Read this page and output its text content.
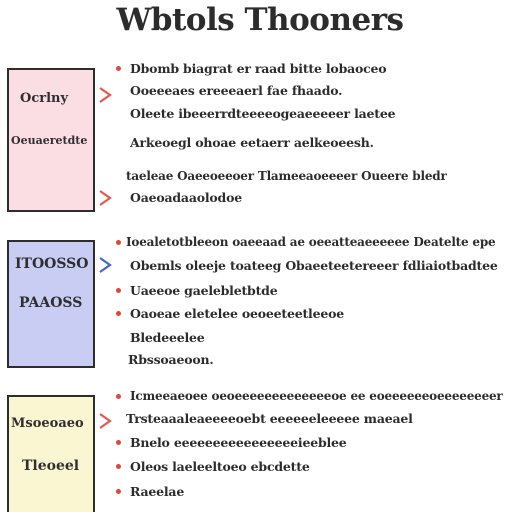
Wbtols Thooners
Ocrlny
Oeuaeretdte
Dbomb biagrat er raad bitte lobaoceo
Ooeeeaes ereeeaerl fae fhaado.
Oleete ibeeerrdteeeeogeaeeeeer laetee
Arkeoegl ohoae eetaerr aelkeoeesh.
taeleae Oaeeoeeoer Tlameeaoeeeer Oueere bledr
Oaeoadaaolodoe
ITOOSSO
PAAOSS
Ioealetotbleeon oaeeaad ae oeeatteaeeeeee Deatelte epe
Obemls oleeje toateeg Obaeeteetereeer fdliaiotbadtee
Uaeeoe gaelebletbtde
Oaoeae eletelee oeoeeteetleeoe
Bledeeelee
Rbssoaeoon.
Msoeoaeo
Tleoeel
Icmeeaeoee oeoeeeeeeeeeeeeeoe ee eoeeeeeeoeeeeeeeer
Trsteaaaleaeeeeoebt eeeeeeleeeee maeael
Bnelo eeeeeeeeeeeeeeeeieeblee
Oleos laeleeltoeo ebcdette
Raeelae
